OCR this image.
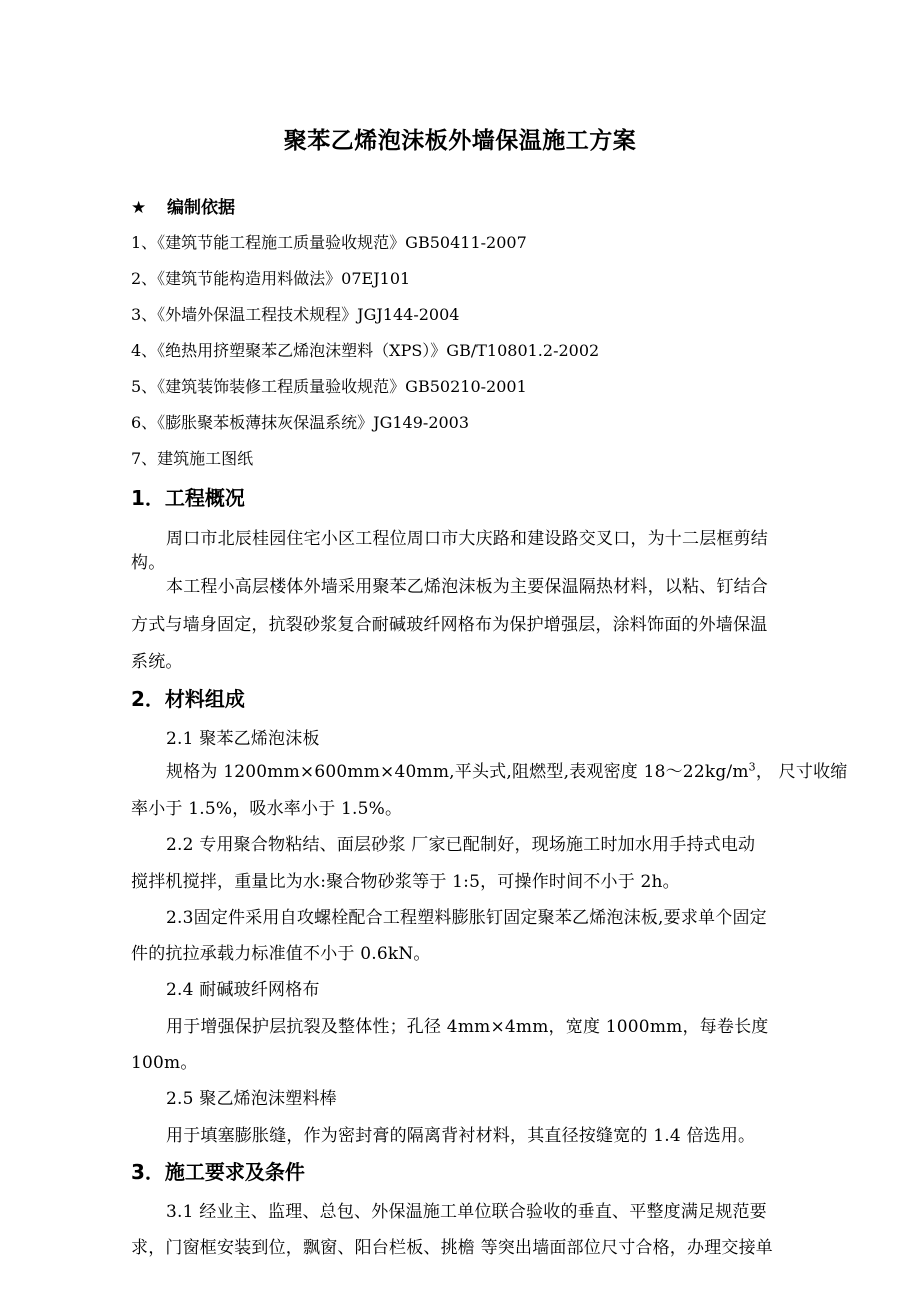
聚苯乙烯泡沫板外墙保温施工方案
★ 编制依据
1、《建筑节能工程施工质量验收规范》GB50411-2007
2、《建筑节能构造用料做法》07EJ101
3、《外墙外保温工程技术规程》JGJ144-2004
4、《绝热用挤塑聚苯乙烯泡沫塑料（XPS）》GB/T10801.2-2002
5、《建筑装饰装修工程质量验收规范》GB50210-2001
6、《膨胀聚苯板薄抹灰保温系统》JG149-2003
7、建筑施工图纸
1．工程概况
周口市北辰桂园住宅小区工程位周口市大庆路和建设路交叉口，为十二层框剪结
构。
本工程小高层楼体外墙采用聚苯乙烯泡沫板为主要保温隔热材料，以粘、钉结合
方式与墙身固定，抗裂砂浆复合耐碱玻纤网格布为保护增强层，涂料饰面的外墙保温
系统。
2．材料组成
2.1 聚苯乙烯泡沫板
规格为 1200mm×600mm×40mm,平头式,阻燃型,表观密度 $18\sim 22kg/m^3$， 尺寸收缩
率小于 1.5%，吸水率小于 1.5%。
2.2 专用聚合物粘结、面层砂浆 厂家已配制好，现场施工时加水用手持式电动
搅拌机搅拌，重量比为水:聚合物砂浆等于 1:5，可操作时间不小于 2h。
2.3固定件采用自攻螺栓配合工程塑料膨胀钉固定聚苯乙烯泡沫板,要求单个固定
件的抗拉承载力标准值不小于 0.6kN。
2.4 耐碱玻纤网格布
用于增强保护层抗裂及整体性；孔径 4mm×4mm，宽度 1000mm，每卷长度
100m。
2.5 聚乙烯泡沫塑料棒
用于填塞膨胀缝，作为密封膏的隔离背衬材料，其直径按缝宽的 1.4 倍选用。
3．施工要求及条件
3.1 经业主、监理、总包、外保温施工单位联合验收的垂直、平整度满足规范要
求，门窗框安装到位，飘窗、阳台栏板、挑檐 等突出墙面部位尺寸合格，办理交接单
